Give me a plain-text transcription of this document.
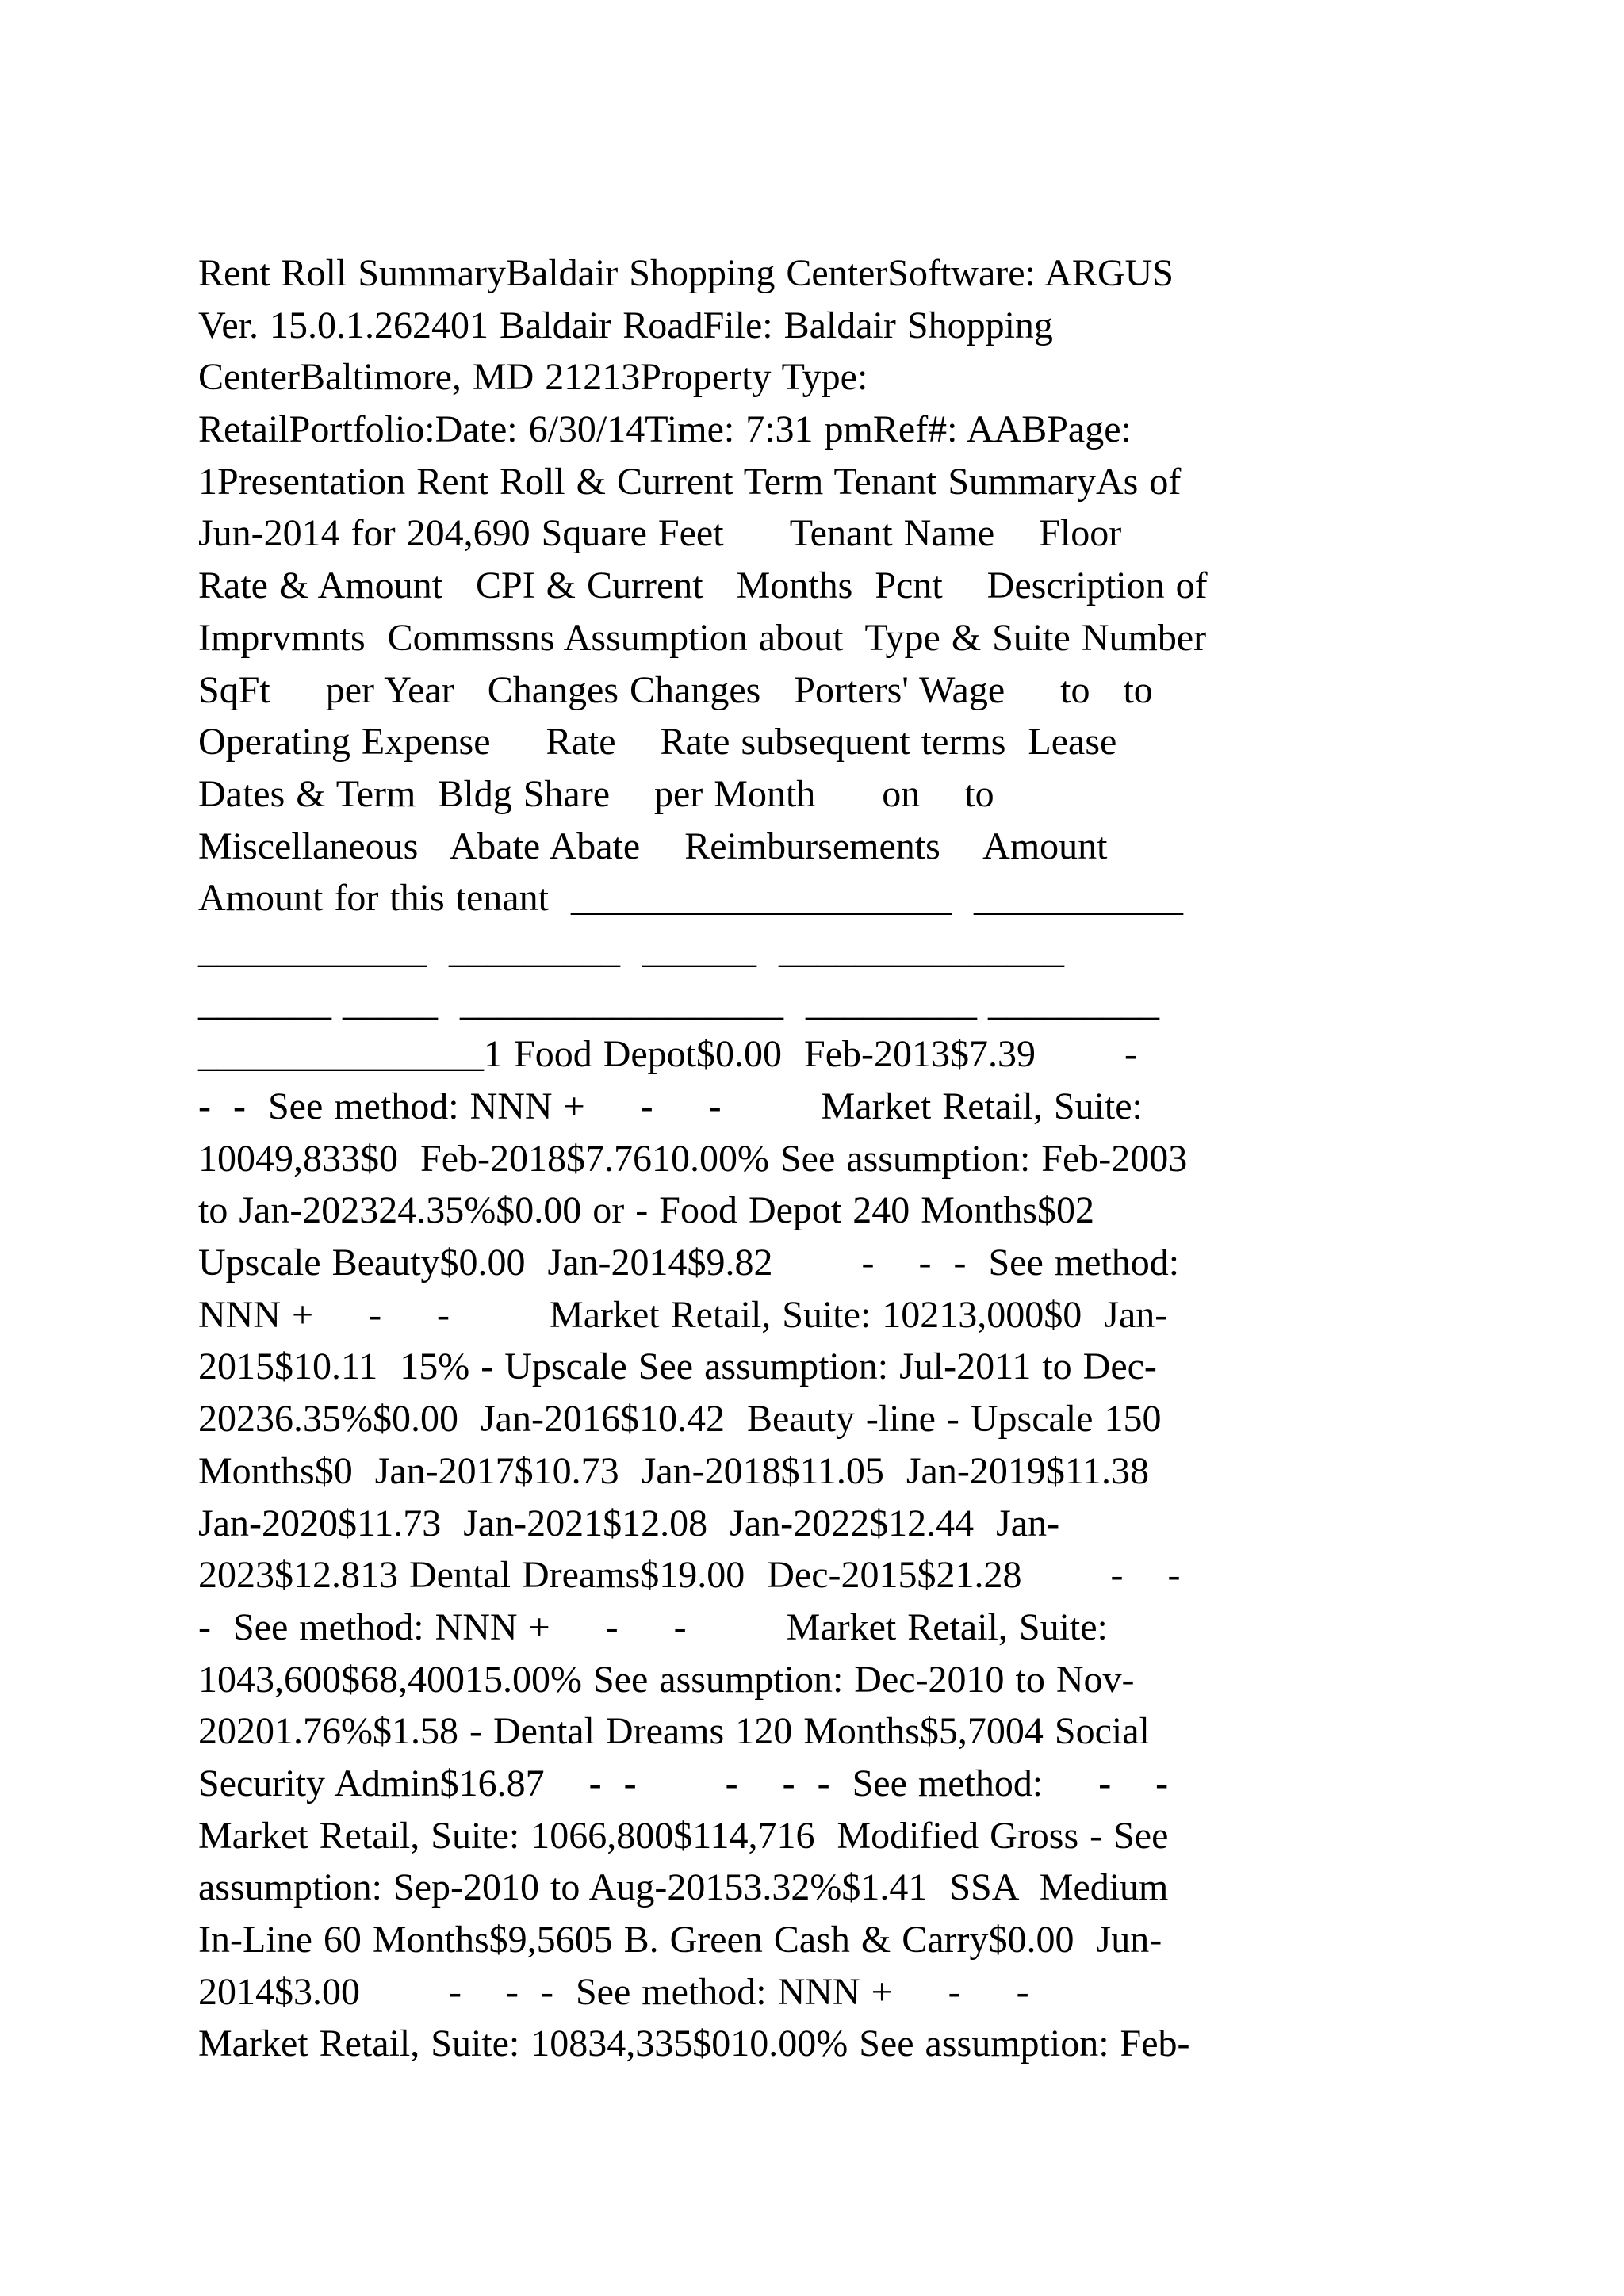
Rent Roll SummaryBaldair Shopping CenterSoftware: ARGUS
Ver. 15.0.1.262401 Baldair RoadFile: Baldair Shopping
CenterBaltimore, MD 21213Property Type:
RetailPortfolio:Date: 6/30/14Time: 7:31 pmRef#: AABPage:
1Presentation Rent Roll & Current Term Tenant SummaryAs of
Jun-2014 for 204,690 Square Feet      Tenant Name    Floor
Rate & Amount   CPI & Current   Months  Pcnt    Description of
Imprvmnts  Commssns Assumption about  Type & Suite Number
SqFt     per Year   Changes Changes   Porters' Wage     to   to
Operating Expense     Rate    Rate subsequent terms  Lease
Dates & Term  Bldg Share    per Month      on    to
Miscellaneous   Abate Abate    Reimbursements    Amount
Amount for this tenant  ____________________  ___________
____________  _________  ______  _______________
_______ _____  _________________  _________ _________
_______________1 Food Depot$0.00  Feb-2013$7.39        -
-  -  See method: NNN +     -     -         Market Retail, Suite:
10049,833$0  Feb-2018$7.7610.00% See assumption: Feb-2003
to Jan-202324.35%$0.00 or - Food Depot 240 Months$02
Upscale Beauty$0.00  Jan-2014$9.82        -    -  -  See method:
NNN +     -     -         Market Retail, Suite: 10213,000$0  Jan-
2015$10.11  15% - Upscale See assumption: Jul-2011 to Dec-
20236.35%$0.00  Jan-2016$10.42  Beauty -line - Upscale 150
Months$0  Jan-2017$10.73  Jan-2018$11.05  Jan-2019$11.38
Jan-2020$11.73  Jan-2021$12.08  Jan-2022$12.44  Jan-
2023$12.813 Dental Dreams$19.00  Dec-2015$21.28        -    -
-  See method: NNN +     -     -         Market Retail, Suite:
1043,600$68,40015.00% See assumption: Dec-2010 to Nov-
20201.76%$1.58 - Dental Dreams 120 Months$5,7004 Social
Security Admin$16.87    -  -        -    -  -  See method:     -    -
Market Retail, Suite: 1066,800$114,716  Modified Gross - See
assumption: Sep-2010 to Aug-20153.32%$1.41  SSA  Medium
In-Line 60 Months$9,5605 B. Green Cash & Carry$0.00  Jun-
2014$3.00        -    -  -  See method: NNN +     -     -
Market Retail, Suite: 10834,335$010.00% See assumption: Feb-
